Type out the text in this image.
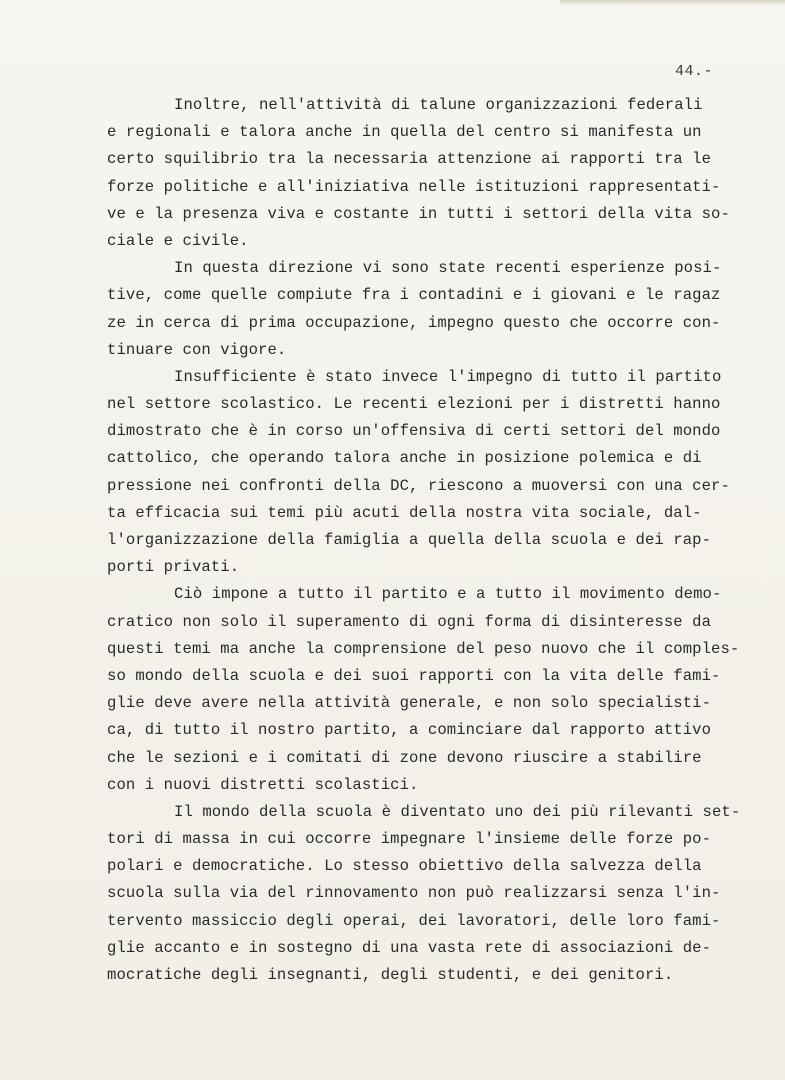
44.-
Inoltre, nell'attività di talune organizzazioni federali
e regionali e talora anche in quella del centro si manifesta un
certo squilibrio tra la necessaria attenzione ai rapporti tra le
forze politiche e all'iniziativa nelle istituzioni rappresentati-
ve e la presenza viva e costante in tutti i settori della vita so-
ciale e civile.
In questa direzione vi sono state recenti esperienze posi-
tive, come quelle compiute fra i contadini e i giovani e le ragaz
ze in cerca di prima occupazione, impegno questo che occorre con-
tinuare con vigore.
Insufficiente è stato invece l'impegno di tutto il partito
nel settore scolastico. Le recenti elezioni per i distretti hanno
dimostrato che è in corso un'offensiva di certi settori del mondo
cattolico, che operando talora anche in posizione polemica e di
pressione nei confronti della DC, riescono a muoversi con una cer-
ta efficacia sui temi più acuti della nostra vita sociale, dal-
l'organizzazione della famiglia a quella della scuola e dei rap-
porti privati.
Ciò impone a tutto il partito e a tutto il movimento demo-
cratico non solo il superamento di ogni forma di disinteresse da
questi temi ma anche la comprensione del peso nuovo che il comples-
so mondo della scuola e dei suoi rapporti con la vita delle fami-
glie deve avere nella attività generale, e non solo specialisti-
ca, di tutto il nostro partito, a cominciare dal rapporto attivo
che le sezioni e i comitati di zone devono riuscire a stabilire
con i nuovi distretti scolastici.
Il mondo della scuola è diventato uno dei più rilevanti set-
tori di massa in cui occorre impegnare l'insieme delle forze po-
polari e democratiche. Lo stesso obiettivo della salvezza della
scuola sulla via del rinnovamento non può realizzarsi senza l'in-
tervento massiccio degli operai, dei lavoratori, delle loro fami-
glie accanto e in sostegno di una vasta rete di associazioni de-
mocratiche degli insegnanti, degli studenti, e dei genitori.
